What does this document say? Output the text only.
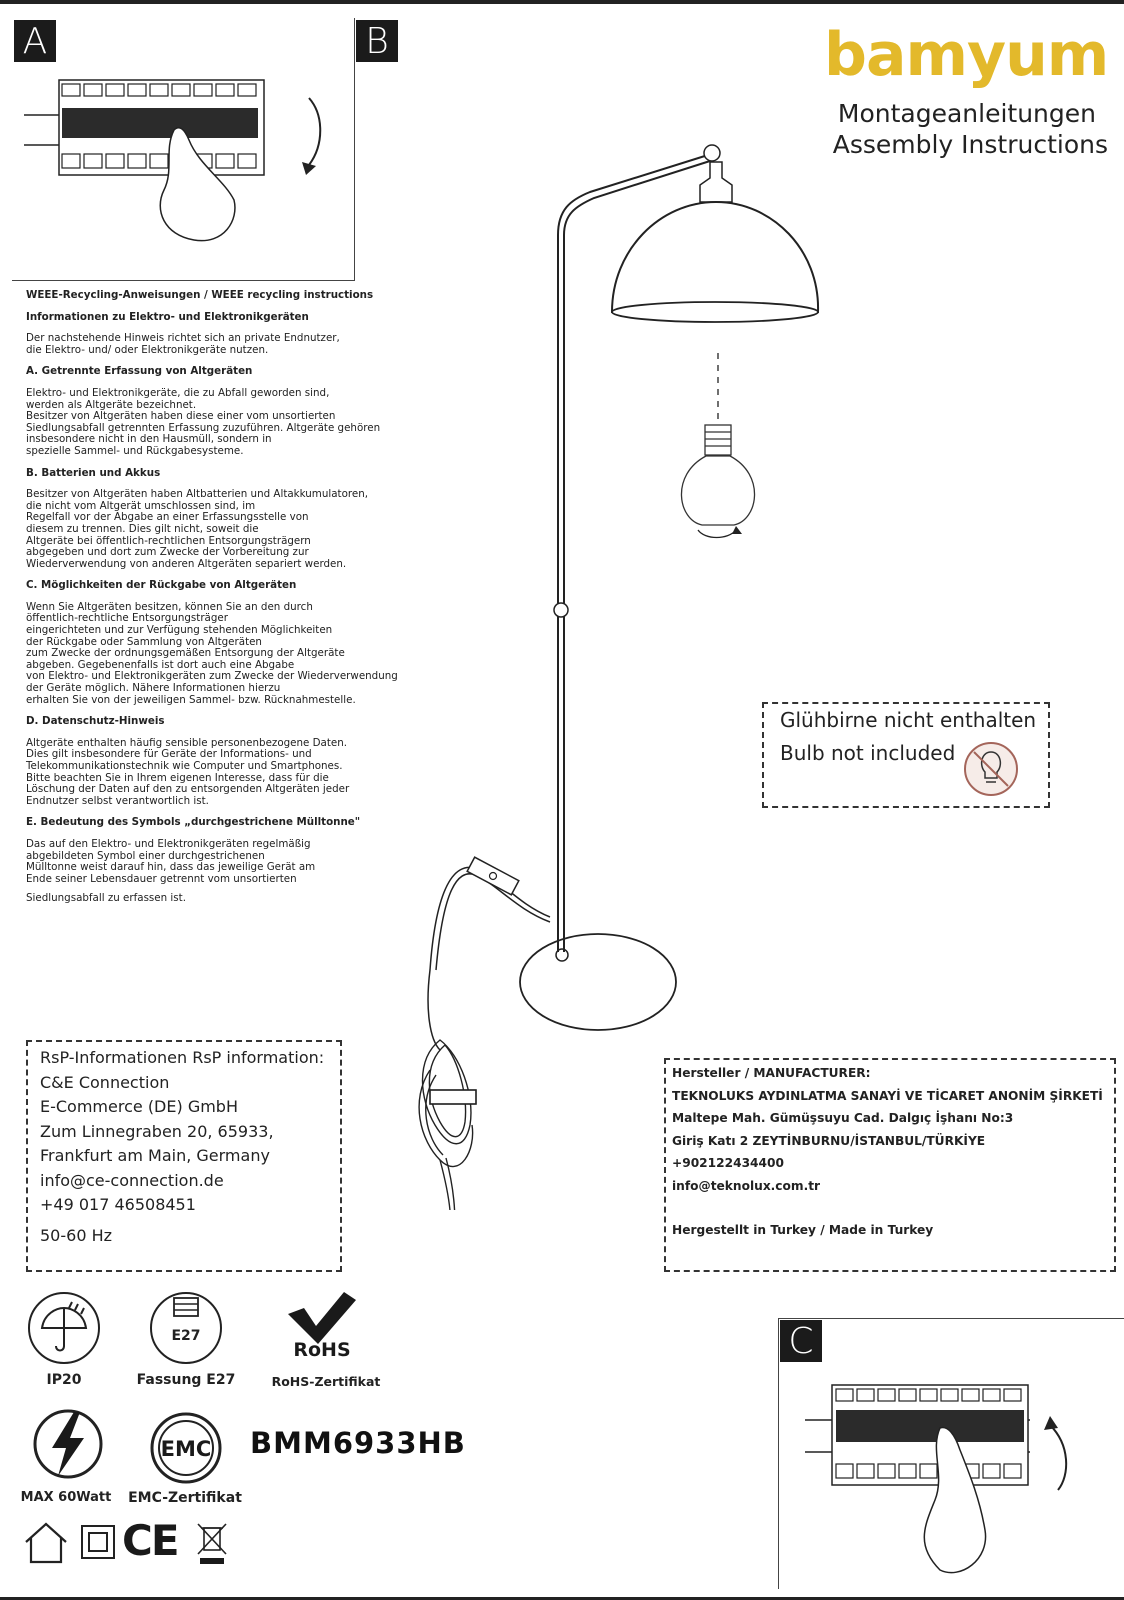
A	B	bamyum
Montageanleitungen
Assembly Instructions
WEEE-Recycling-Anweisungen / WEEE recycling instructions
Informationen zu Elektro- und Elektronikgeräten
Der nachstehende Hinweis richtet sich an private Endnutzer,
die Elektro- und/ oder Elektronikgeräte nutzen.
A. Getrennte Erfassung von Altgeräten
Elektro- und Elektronikgeräte, die zu Abfall geworden sind,
werden als Altgeräte bezeichnet.
Besitzer von Altgeräten haben diese einer vom unsortierten
Siedlungsabfall getrennten Erfassung zuzuführen. Altgeräte gehören
insbesondere nicht in den Hausmüll, sondern in
spezielle Sammel- und Rückgabesysteme.
B. Batterien und Akkus
Besitzer von Altgeräten haben Altbatterien und Altakkumulatoren,
die nicht vom Altgerät umschlossen sind, im
Regelfall vor der Abgabe an einer Erfassungsstelle von
diesem zu trennen. Dies gilt nicht, soweit die
Altgeräte bei öffentlich-rechtlichen Entsorgungsträgern
abgegeben und dort zum Zwecke der Vorbereitung zur
Wiederverwendung von anderen Altgeräten separiert werden.
C. Möglichkeiten der Rückgabe von Altgeräten
Wenn Sie Altgeräten besitzen, können Sie an den durch
öffentlich-rechtliche Entsorgungsträger
eingerichteten und zur Verfügung stehenden Möglichkeiten
der Rückgabe oder Sammlung von Altgeräten
zum Zwecke der ordnungsgemäßen Entsorgung der Altgeräte
abgeben. Gegebenenfalls ist dort auch eine Abgabe
von Elektro- und Elektronikgeräten zum Zwecke der Wiederverwendung
der Geräte möglich. Nähere Informationen hierzu
erhalten Sie von der jeweiligen Sammel- bzw. Rücknahmestelle.
D. Datenschutz-Hinweis
Altgeräte enthalten häufig sensible personenbezogene Daten.
Dies gilt insbesondere für Geräte der Informations- und
Telekommunikationstechnik wie Computer und Smartphones.
Bitte beachten Sie in Ihrem eigenen Interesse, dass für die
Löschung der Daten auf den zu entsorgenden Altgeräten jeder
Endnutzer selbst verantwortlich ist.
E. Bedeutung des Symbols „durchgestrichene Mülltonne"
Das auf den Elektro- und Elektronikgeräten regelmäßig
abgebildeten Symbol einer durchgestrichenen
Mülltonne weist darauf hin, dass das jeweilige Gerät am
Ende seiner Lebensdauer getrennt vom unsortierten
Siedlungsabfall zu erfassen ist.
Glühbirne nicht enthalten
Bulb not included
RsP-Informationen RsP information:
C&E Connection
E-Commerce (DE) GmbH
Zum Linnegraben 20, 65933,
Frankfurt am Main, Germany
info@ce-connection.de
+49 017 46508451
50-60 Hz
Hersteller / MANUFACTURER:
TEKNOLUKS AYDINLATMA SANAYİ VE TİCARET ANONİM ŞİRKETİ
Maltepe Mah. Gümüşsuyu Cad. Dalgıç İşhanı No:3
Giriş Katı 2 ZEYTİNBURNU/İSTANBUL/TÜRKİYE
+902122434400
info@teknolux.com.tr
Hergestellt in Turkey / Made in Turkey
C
IP20
E27
Fassung E27
RoHS
RoHS-Zertifikat
MAX 60Watt
EMC
EMC-Zertifikat
BMM6933HB
CE
